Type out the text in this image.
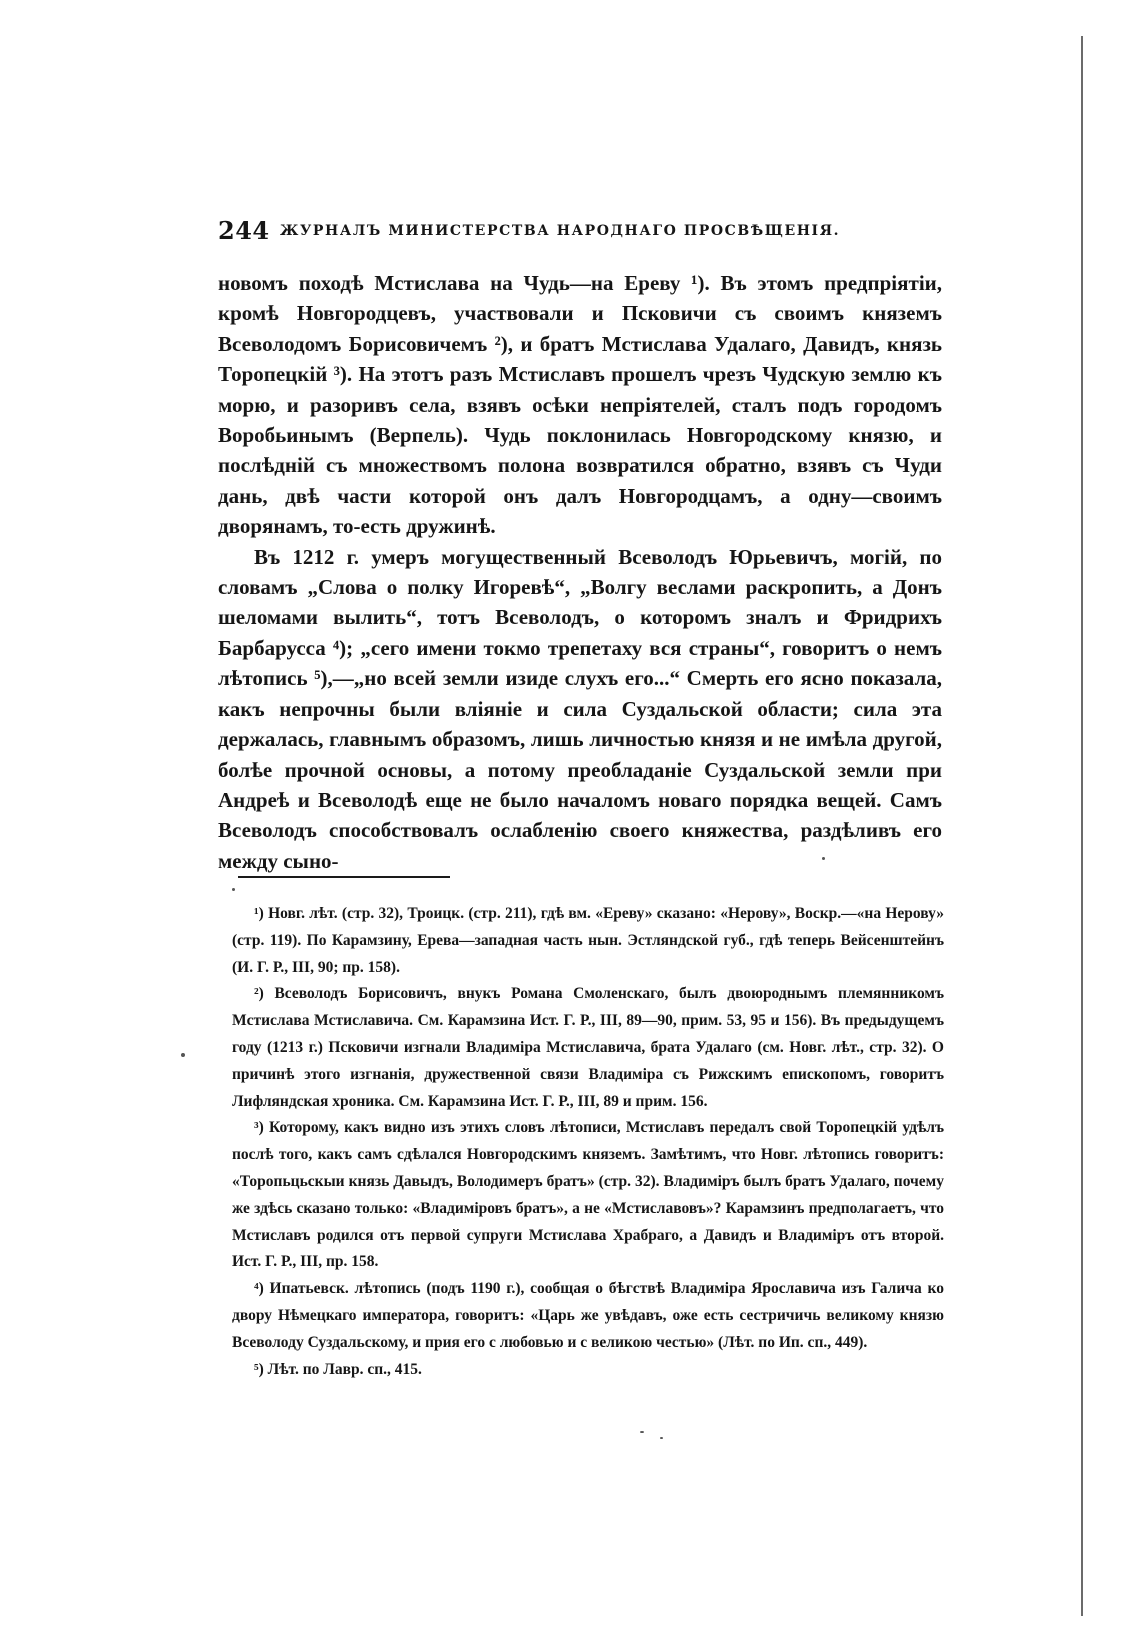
244 ЖУРНАЛЪ МИНИСТЕРСТВА НАРОДНАГО ПРОСВѢЩЕНІЯ.

новомъ походѣ Мстислава на Чудь—на Ереву ¹). Въ этомъ предпріятіи, кромѣ Новгородцевъ, участвовали и Псковичи съ своимъ княземъ Всеволодомъ Борисовичемъ ²), и братъ Мстислава Удалаго, Давидъ, князь Торопецкій ³). На этотъ разъ Мстиславъ прошелъ чрезъ Чудскую землю къ морю, и разоривъ села, взявъ осѣки непріятелей, сталъ подъ городомъ Воробьинымъ (Верпель). Чудь поклонилась Новгородскому князю, и послѣдній съ множествомъ полона возвратился обратно, взявъ съ Чуди дань, двѣ части которой онъ далъ Новгородцамъ, а одну—своимъ дворянамъ, то-есть дружинѣ.

Въ 1212 г. умеръ могущественный Всеволодъ Юрьевичъ, могій, по словамъ „Слова о полку Игоревѣ“, „Волгу веслами раскропить, а Донъ шеломами вылить“, тотъ Всеволодъ, о которомъ зналъ и Фридрихъ Барбарусса ⁴); „сего имени токмо трепетаху вся страны“, говоритъ о немъ лѣтопись ⁵),—„но всей земли изиде слухъ его...“ Смерть его ясно показала, какъ непрочны были вліяніе и сила Суздальской области; сила эта держалась, главнымъ образомъ, лишь личностью князя и не имѣла другой, болѣе прочной основы, а потому преобладаніе Суздальской земли при Андреѣ и Всеволодѣ еще не было началомъ новаго порядка вещей. Самъ Всеволодъ способствовалъ ослабленію своего княжества, раздѣливъ его между сыно-

¹) Новг. лѣт. (стр. 32), Троицк. (стр. 211), гдѣ вм. «Ереву» сказано: «Нерову», Воскр.—«на Нерову» (стр. 119). По Карамзину, Ерева—западная часть нын. Эстляндской губ., гдѣ теперь Вейсенштейнъ (И. Г. Р., III, 90; пр. 158).

²) Всеволодъ Борисовичъ, внукъ Романа Смоленскаго, былъ двоюроднымъ племянникомъ Мстислава Мстиславича. См. Карамзина Ист. Г. Р., III, 89—90, прим. 53, 95 и 156). Въ предыдущемъ году (1213 г.) Псковичи изгнали Владиміра Мстиславича, брата Удалаго (см. Новг. лѣт., стр. 32). О причинѣ этого изгнанія, дружественной связи Владиміра съ Рижскимъ епископомъ, говоритъ Лифляндская хроника. См. Карамзина Ист. Г. Р., III, 89 и прим. 156.

³) Которому, какъ видно изъ этихъ словъ лѣтописи, Мстиславъ передалъ свой Торопецкій удѣлъ послѣ того, какъ самъ сдѣлался Новгородскимъ княземъ. Замѣтимъ, что Новг. лѣтопись говоритъ: «Торопьцьскыи князь Давыдъ, Володимеръ братъ» (стр. 32). Владиміръ былъ братъ Удалаго, почему же здѣсь сказано только: «Владиміровъ братъ», а не «Мстиславовъ»? Карамзинъ предполагаетъ, что Мстиславъ родился отъ первой супруги Мстислава Храбраго, а Давидъ и Владиміръ отъ второй. Ист. Г. Р., III, пр. 158.

⁴) Ипатьевск. лѣтопись (подъ 1190 г.), сообщая о бѣгствѣ Владиміра Ярославича изъ Галича ко двору Нѣмецкаго императора, говоритъ: «Царь же увѣдавъ, оже есть сестричичь великому князю Всеволоду Суздальскому, и прия его с любовью и с великою честью» (Лѣт. по Ип. сп., 449).

⁵) Лѣт. по Лавр. сп., 415.
